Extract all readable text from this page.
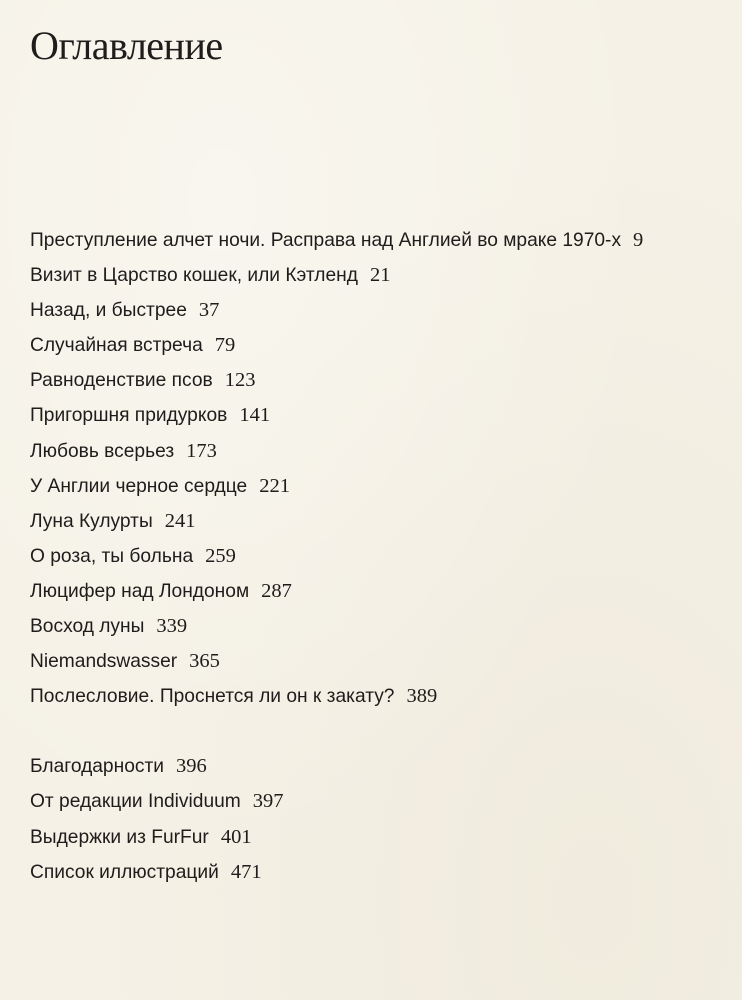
Оглавление
Преступление алчет ночи. Расправа над Англией во мраке 1970-х 9
Визит в Царство кошек, или Кэтленд 21
Назад, и быстрее 37
Случайная встреча 79
Равноденствие псов 123
Пригоршня придурков 141
Любовь всерьез 173
У Англии черное сердце 221
Луна Кулурты 241
О роза, ты больна 259
Люцифер над Лондоном 287
Восход луны 339
Niemandswasser 365
Послесловие. Проснется ли он к закату? 389
Благодарности 396
От редакции Individuum 397
Выдержки из FurFur 401
Список иллюстраций 471
